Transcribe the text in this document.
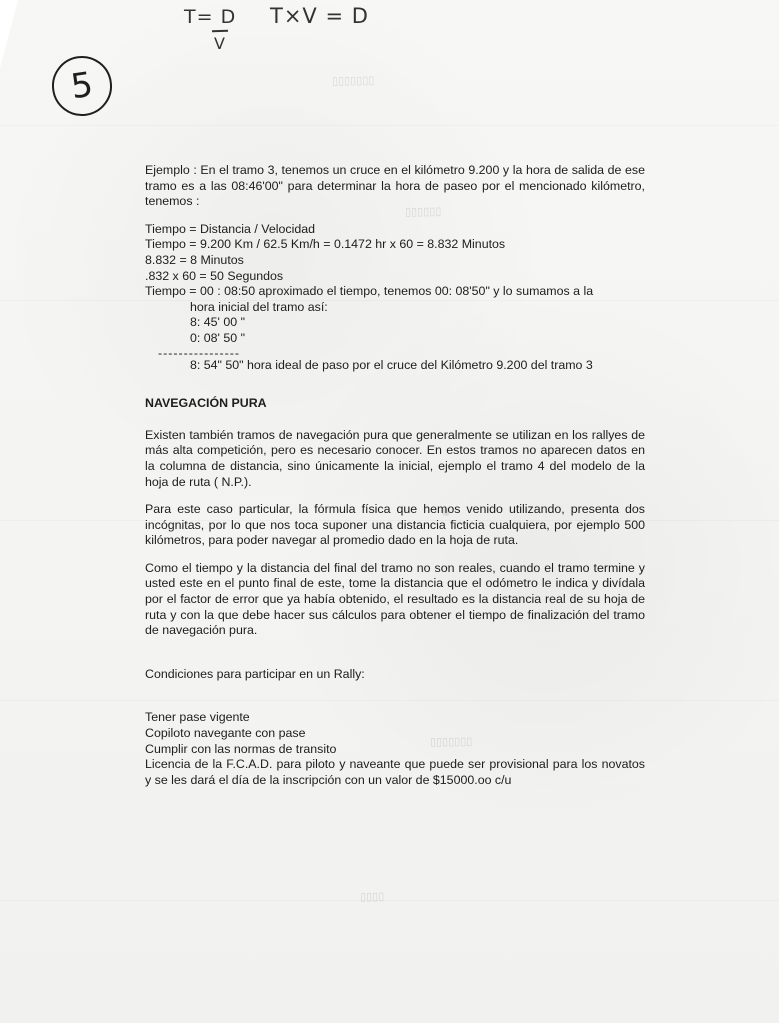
▯▯▯▯▯▯▯
▯▯▯▯▯▯
▯▯▯▯▯▯▯
▯▯▯▯
T= D
V
T×V = D
5

Ejemplo : En el tramo 3, tenemos un cruce en el kilómetro 9.200 y la hora de salida de ese tramo es a las 08:46'00" para determinar la hora de paseo por el mencionado kilómetro, tenemos :

Tiempo = Distancia / Velocidad
Tiempo = 9.200 Km / 62.5 Km/h = 0.1472 hr x 60 = 8.832 Minutos
8.832 = 8 Minutos
.832 x 60 = 50 Segundos
Tiempo = 00 : 08:50 aproximado el tiempo, tenemos 00: 08'50" y lo sumamos a la
hora inicial del tramo así:
8: 45' 00 "
0: 08' 50 "
----------------
8: 54" 50" hora ideal de paso por el cruce del Kilómetro 9.200 del tramo 3
NAVEGACIÓN PURA

Existen también tramos de navegación pura que generalmente se utilizan en los rallyes de más alta competición, pero es necesario conocer. En estos tramos no aparecen datos en la columna de distancia, sino únicamente la inicial, ejemplo el tramo 4 del modelo de la hoja de ruta ( N.P.).

Para este caso particular, la fórmula física que hemos venido utilizando, presenta dos incógnitas, por lo que nos toca suponer una distancia ficticia cualquiera, por ejemplo 500 kilómetros, para poder navegar al promedio dado en la hoja de ruta.

Como el tiempo y la distancia del final del tramo no son reales, cuando el tramo termine y usted este en el punto final de este, tome la distancia que el odómetro le indica y divídala por el factor de error que ya había obtenido, el resultado es la distancia real de su hoja de ruta y con la que debe hacer sus cálculos para obtener el tiempo de finalización del tramo de navegación pura.

Condiciones para participar en un Rally:

Tener pase vigente
Copiloto navegante con pase
Cumplir con las normas de transito
Licencia de la F.C.A.D. para piloto y naveante que puede ser provisional para los novatos y se les dará el día de la inscripción con un valor de $15000.oo c/u
